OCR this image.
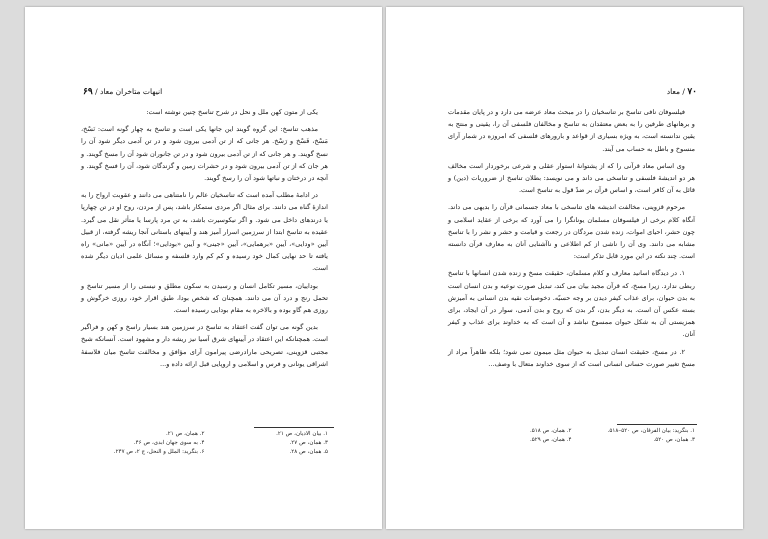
انیهات متاخران معاد / ۶۹

یکی از متون کهن ملل و نحل در شرح تناسخ چنین نوشته است:

مذهب تناسخ: این گروه گویند این جانها یکی است و تناسخ به چهار گونه است: نَسْخ، مَسْخ، فَسْخ و رَسْخ. هر جانی که از تن آدمی بیرون شود و در تن آدمی دیگر شود آن را نسخ گویند. و هر جانی که از تن آدمی بیرون شود و در تن جانوران شود آن را مسخ گویند. و هر جان که از تن آدمی بیرون شود و در حشرات زمین و گزندگان شود، آن را فسخ گویند. و آنچه در درختان و نباتها شود آن را رسخ گویند.

در ادامهٔ مطلب آمده است که تناسخیان عالم را نامتناهی می دانند و عقوبت ارواح را به اندازهٔ گناه می دانند. برای مثال اگر مردی ستمکار باشد، پس از مردن، روح او در تن چهارپا یا درندهای داخل می شود. و اگر نیکوسیرت باشد، به تن مرد پارسا یا متأثر نقل می گیرد. عقیده به تناسخ ابتدا از سرزمین اسرار آمیز هند و آیینهای باستانی آنجا ریشه گرفته، از قبیل آیین «ودایی»، آیین «برهمایی»، آیین «جینی» و آیین «بودایی»؛ آنگاه در آیین «مانی» راه یافته تا حد نهایی کمال خود رسیده و کم کم وارد فلسفه و مسائل علمی ادیان دیگر شده است.

بوداییان، مسیر تکامل انسان و رسیدن به سکون مطلق و نیستی را از مسیر تناسخ و تحمل رنج و درد آن می دانند. همچنان که شخص بودا، طبق اقرار خود، روزی خرگوش و روزی هم گاو بوده و بالاخره به مقام بودایی رسیده است.

بدین گونه می توان گفت اعتقاد به تناسخ در سرزمین هند بسیار راسخ و کهن و فراگیر است. همچنانکه این اعتقاد در آیینهای شرق آسیا نیز ریشه دار و مشهود است. آنسانکه شیخ مجتبی قزوینی، تصریحی مارادرضی پیرامون آرای مؤافق و مخالفت تناسخ میان فلاسفهٔ اشراقی یونانی و فرس و اسلامی و اروپایی قبل ارائه داده و...

۱. بیان الادیان، ص ۲۱.
۲. همان، ص ۲۱.
۳. همان، ص ۲۷.
۴. به سوی جهان ابدی، ص ۴۶.
۵. همان، ص ۲۸.
۶. بنگرید: الملل و النحل، ج ۲، ص ۲۴۷.
۷۰ / معاد

فیلسوفان نافی تناسخ بر تناسخیان را در مبحث معاد عرضه می دارد و در پایان مقدمات و برهانهای طرفین را به بعض معتقدان به تناسخ و مخالفان فلسفی آن را، یقینی و منتج به یقین ندانسته است، به ویژه بسیاری از قواعد و بارورهای فلسفی که امروزه در شمار آرای منسوخ و باطل به حساب می آیند.

وی اساس معاد قرآنی را که از پشتوانهٔ استوار عقلی و شرعی برخوردار است مخالف هر دو اندیشهٔ فلسفی و تناسخی می داند و می نویسد: بطلان تناسخ از ضروریات (دین) و قائل به آن کافر است، و اساس قرآن بر ضدّ قول به تناسخ است.

مرحوم قزوینی، مخالفت اندیشه های تناسخی با معاد جسمانی قرآن را بدیهی می داند. آنگاه کلام برخی از فیلسوفان مسلمان یونانگرا را می آورد که برخی از عقاید اسلامی و چون حشر، احیای اموات، زنده شدن مردگان در رجعت و قیامت و حشر و نشر را با تناسخ مشابه می دانند. وی آن را ناشی از کم اطلاعی و ناآشنایی آنان به معارف قرآن دانسته است. چند نکته در این مورد قابل تذکر است:

۱. در دیدگاه اسانید معارف و کلام مسلمان، حقیقت مسخ و زنده شدن انسانها با تناسخ ربطی ندارد. زیرا مسخ، که قرآن مجید بیان می کند، تبدیل صورت نوعیه و بدن انسان است به بدن حیوان، برای عذاب کیفر دیدن بر وجه حسیّه. دخوصیات نقیه بدن انسانی به آمیزش بسته عکس آن است. به دیگر بدن، گر بدن که روح و بدن آدمی، سوار در آن ایجاد، برای همزیستی آن به شکل حیوان ممسوخ نباشد و آن است که به خداوند برای عذاب و کیفر آنان.

۲. در مسخ، حقیقت انسان تبدیل به حیوان مثل میمون نمی شود؛ بلکه ظاهراً مراد از مسخ تغییر صورت حسانی انسانی است که از سوی خداوند متعال با وصف...

۱. بنگرید: بیان الفرقان، ص ۵۲۰–۵۱۸.
۲. همان، ص ۵۱۸.
۳. همان، ص ۵۲۰.
۴. همان، ص ۵۲۹.
